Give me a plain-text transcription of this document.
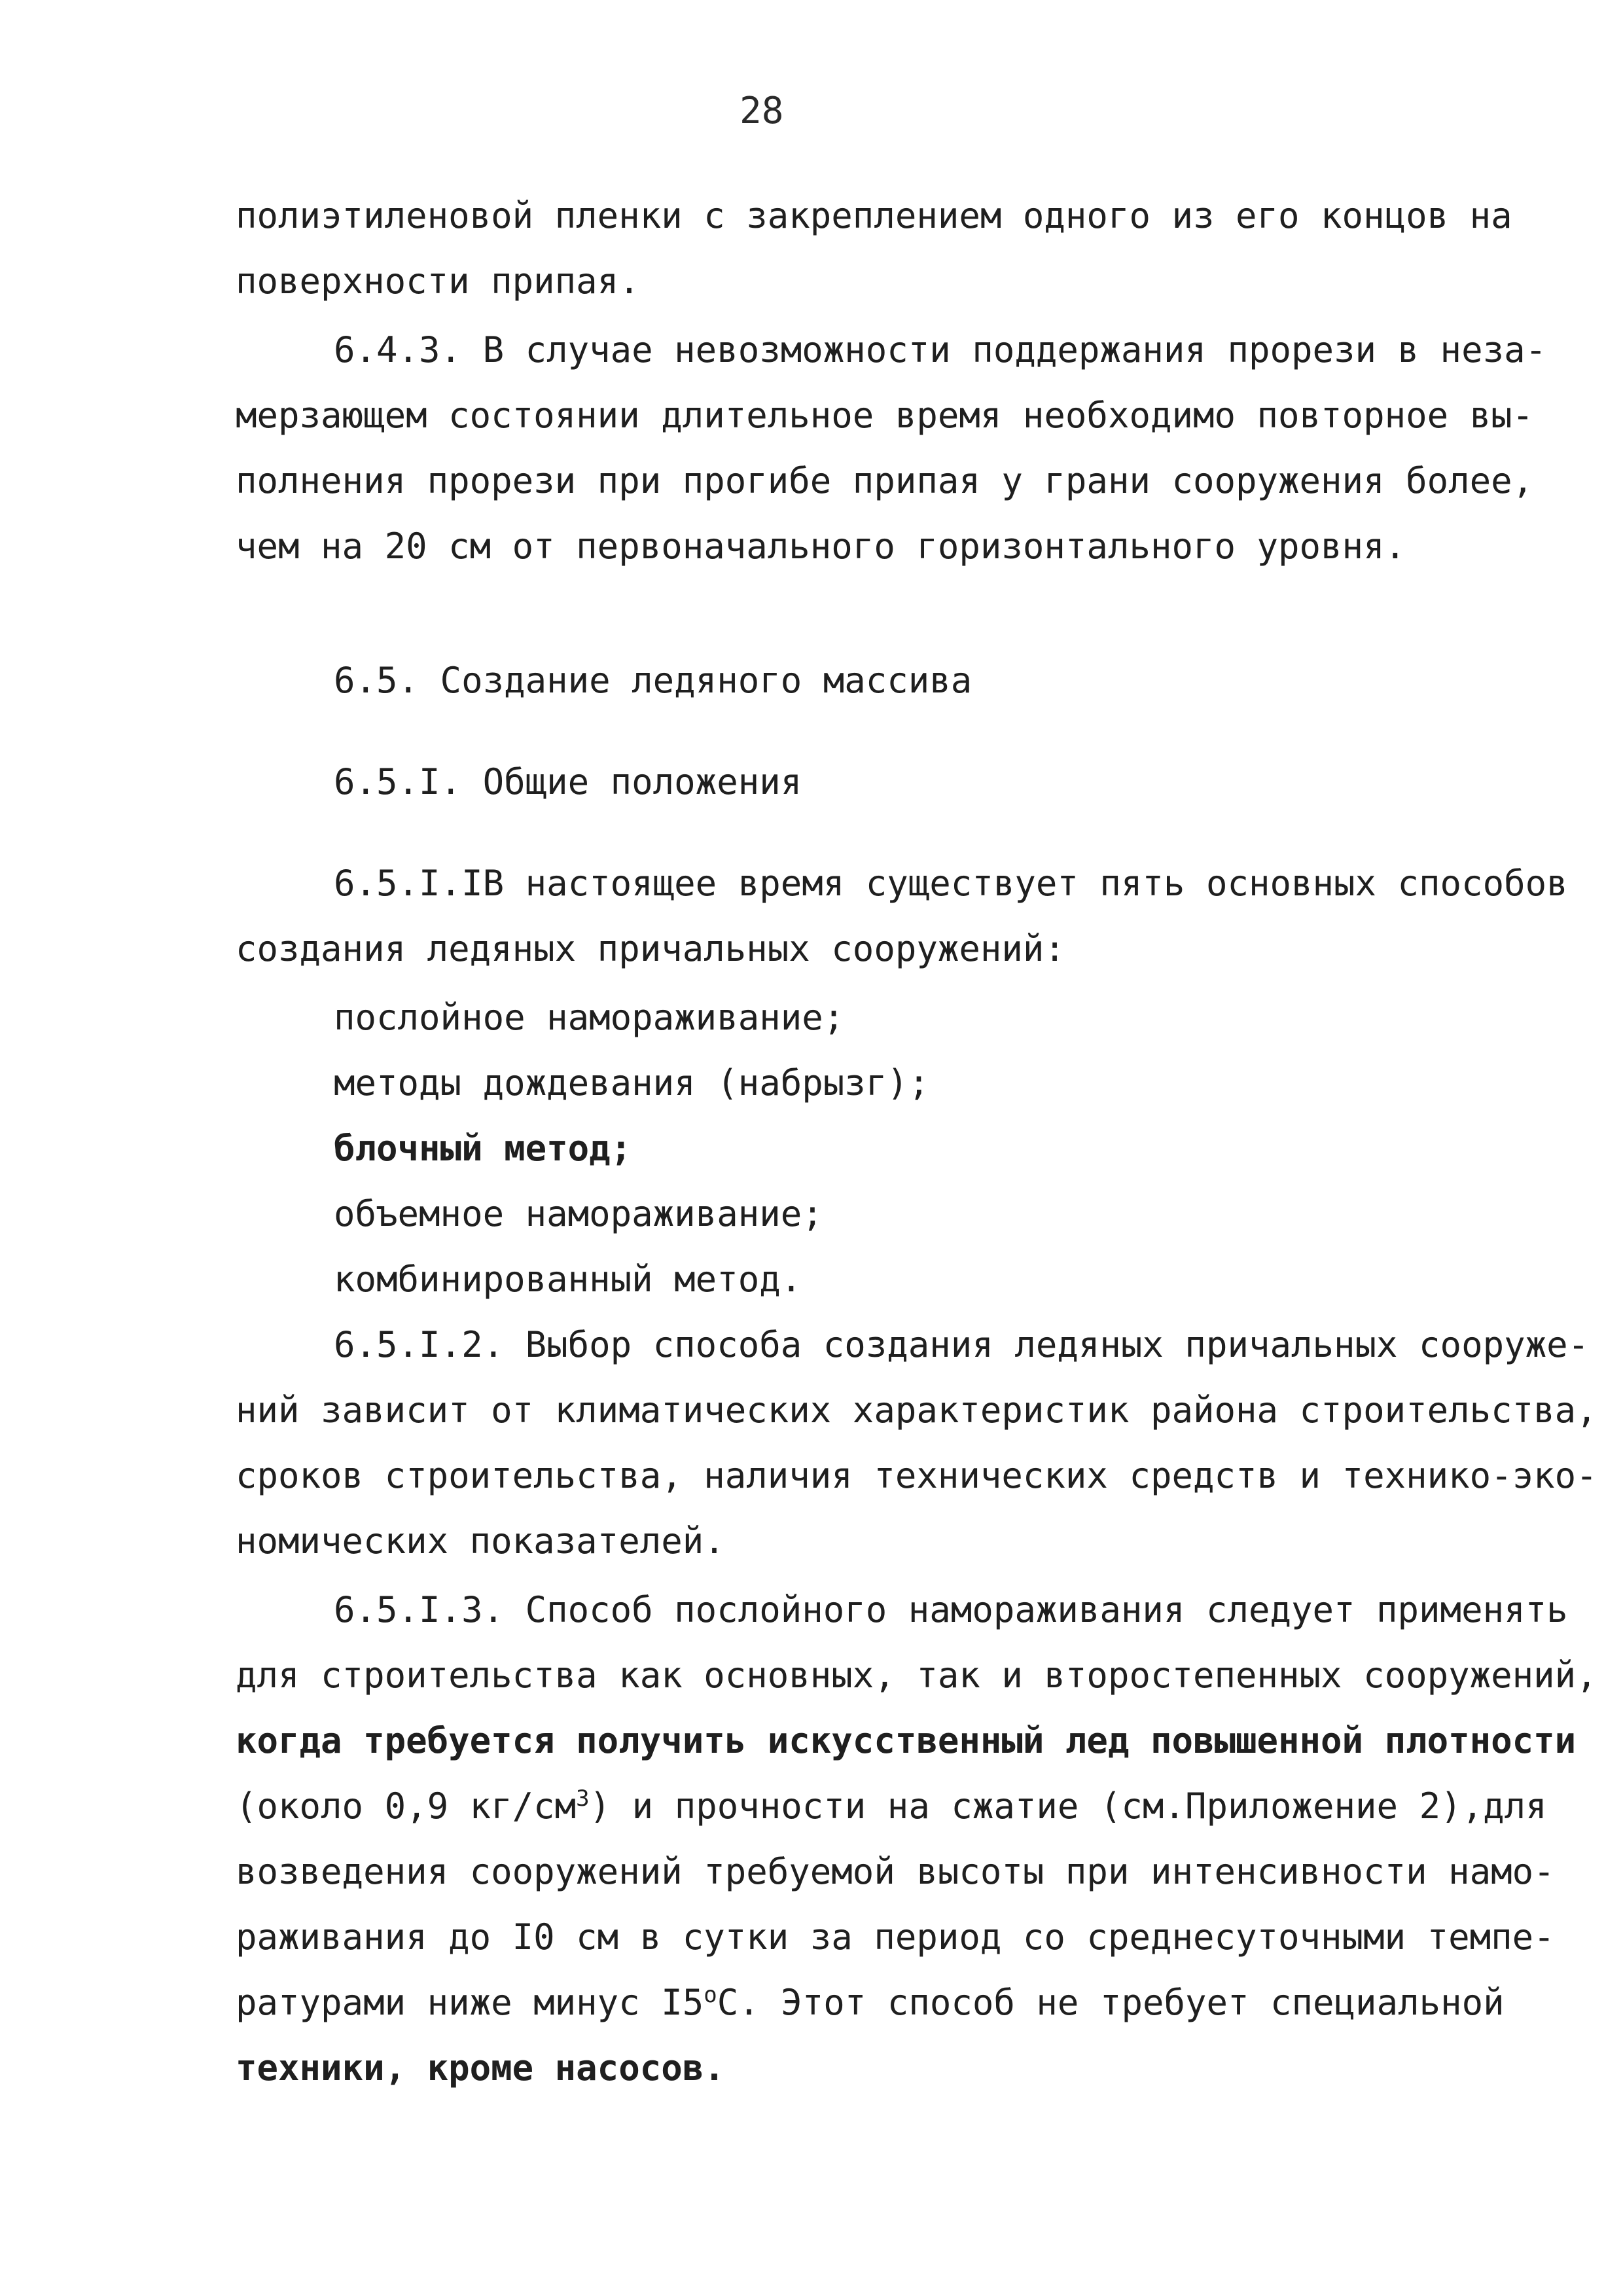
28
полиэтиленовой пленки с закреплением одного из его концов на
поверхности припая.
6.4.3. В случае невозможности поддержания прорези в неза-
мерзающем состоянии длительное время необходимо повторное вы-
полнения прорези при прогибе припая у грани сооружения более,
чем на 20 см от первоначального горизонтального уровня.
6.5. Создание ледяного массива
6.5.I. Общие положения
6.5.I.IВ настоящее время существует пять основных способов
создания ледяных причальных сооружений:
послойное намораживание;
методы дождевания (набрызг);
блочный метод;
объемное намораживание;
комбинированный метод.
6.5.I.2. Выбор способа создания ледяных причальных сооруже-
ний зависит от климатических характеристик района строительства,
сроков строительства, наличия технических средств и технико-эко-
номических показателей.
6.5.I.3. Способ послойного намораживания следует применять
для строительства как основных, так и второстепенных сооружений,
когда требуется получить искусственный лед повышенной плотности
(около 0,9 $кг/см^3$) и прочности на сжатие (см.Приложение 2),для
возведения сооружений требуемой высоты при интенсивности намо-
раживания до I0 см в сутки за период со среднесуточными темпе-
ратурами ниже минус $I5^оС$. Этот способ не требует специальной
техники, кроме насосов.
